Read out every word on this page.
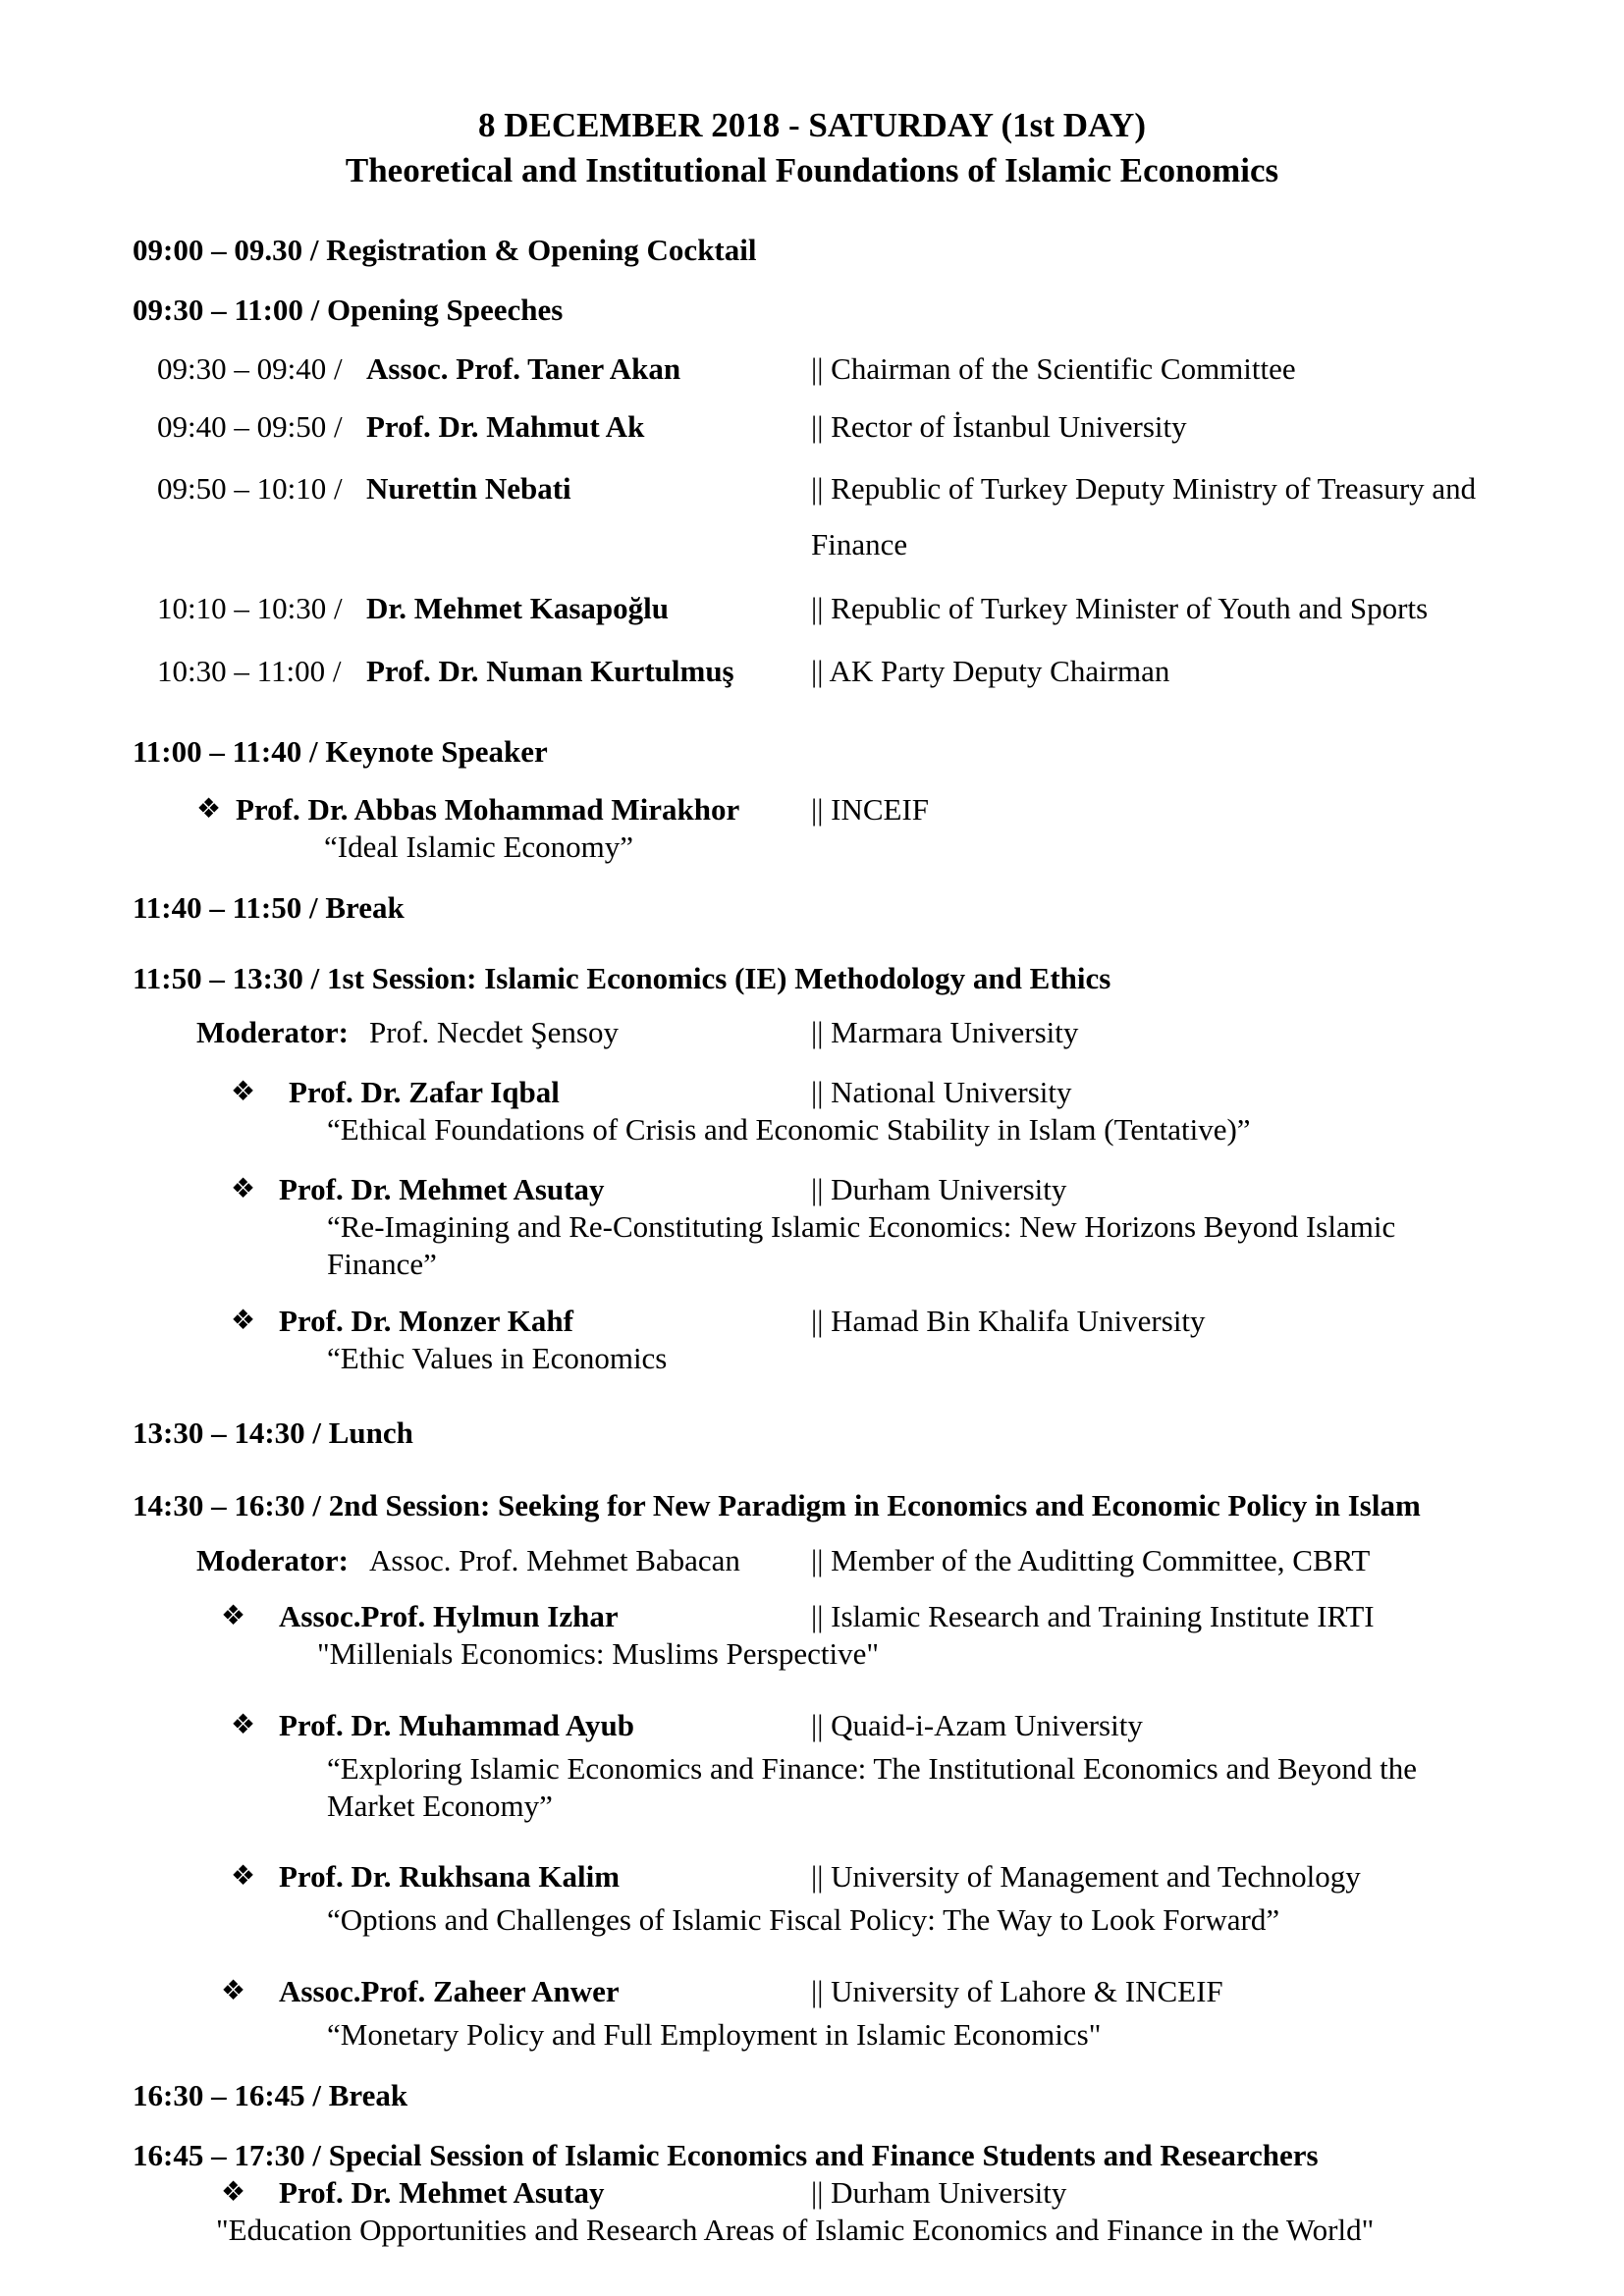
8 DECEMBER 2018 - SATURDAY (1st DAY)
Theoretical and Institutional Foundations of Islamic Economics
09:00 – 09.30 / Registration & Opening Cocktail
09:30 – 11:00 / Opening Speeches
09:30 – 09:40 / Assoc. Prof. Taner Akan	|| Chairman of the Scientific Committee
09:40 – 09:50 / Prof. Dr. Mahmut Ak	|| Rector of İstanbul University
09:50 – 10:10 / Nurettin Nebati	|| Republic of Turkey Deputy Ministry of Treasury and
Finance
10:10 – 10:30 / Dr. Mehmet Kasapoğlu	|| Republic of Turkey Minister of Youth and Sports
10:30 – 11:00 / Prof. Dr. Numan Kurtulmuş	|| AK Party Deputy Chairman
11:00 – 11:40 / Keynote Speaker
❖ Prof. Dr. Abbas Mohammad Mirakhor || INCEIF
“Ideal Islamic Economy”
11:40 – 11:50 / Break
11:50 – 13:30 / 1st Session: Islamic Economics (IE) Methodology and Ethics
Moderator: Prof. Necdet Şensoy	|| Marmara University
❖ Prof. Dr. Zafar Iqbal	|| National University
“Ethical Foundations of Crisis and Economic Stability in Islam (Tentative)”
❖ Prof. Dr. Mehmet Asutay	|| Durham University
“Re-Imagining and Re-Constituting Islamic Economics: New Horizons Beyond Islamic
Finance”
❖ Prof. Dr. Monzer Kahf	|| Hamad Bin Khalifa University
“Ethic Values in Economics
13:30 – 14:30 / Lunch
14:30 – 16:30 / 2nd Session: Seeking for New Paradigm in Economics and Economic Policy in Islam
Moderator: Assoc. Prof. Mehmet Babacan || Member of the Auditting Committee, CBRT
❖ Assoc.Prof. Hylmun Izhar	|| Islamic Research and Training Institute IRTI
"Millenials Economics: Muslims Perspective"
❖ Prof. Dr. Muhammad Ayub	|| Quaid-i-Azam University
“Exploring Islamic Economics and Finance: The Institutional Economics and Beyond the
Market Economy”
❖ Prof. Dr. Rukhsana Kalim	|| University of Management and Technology
“Options and Challenges of Islamic Fiscal Policy: The Way to Look Forward”
❖ Assoc.Prof. Zaheer Anwer	|| University of Lahore & INCEIF
“Monetary Policy and Full Employment in Islamic Economics"
16:30 – 16:45 / Break
16:45 – 17:30 / Special Session of Islamic Economics and Finance Students and Researchers
❖ Prof. Dr. Mehmet Asutay	|| Durham University
"Education Opportunities and Research Areas of Islamic Economics and Finance in the World"
